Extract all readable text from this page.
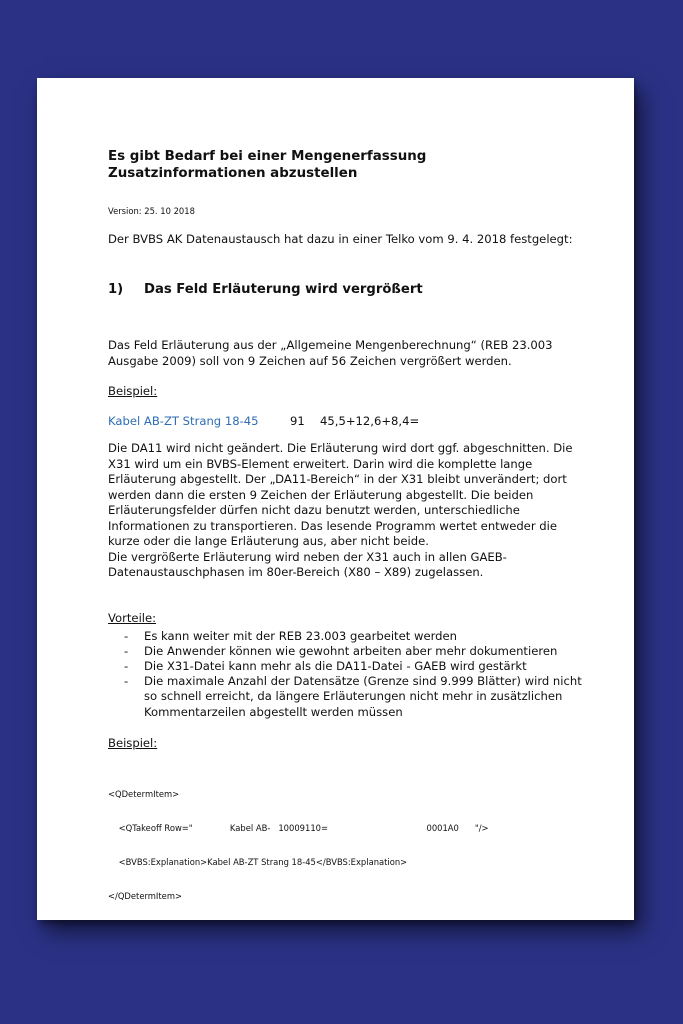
Es gibt Bedarf bei einer Mengenerfassung Zusatzinformationen abzustellen
Version: 25. 10 2018
Der BVBS AK Datenaustausch hat dazu in einer Telko vom 9. 4. 2018 festgelegt:
1)	Das Feld Erläuterung wird vergrößert

Das Feld Erläuterung aus der „Allgemeine Mengenberechnung“ (REB 23.003 Ausgabe 2009) soll von 9 Zeichen auf 56 Zeichen vergrößert werden.

Beispiel:
Kabel AB-ZT Strang 18-45	91	45,5+12,6+8,4=

Die DA11 wird nicht geändert. Die Erläuterung wird dort ggf. abgeschnitten. Die X31 wird um ein BVBS-Element erweitert. Darin wird die komplette lange Erläuterung abgestellt. Der „DA11-Bereich“ in der X31 bleibt unverändert; dort werden dann die ersten 9 Zeichen der Erläuterung abgestellt. Die beiden Erläuterungsfelder dürfen nicht dazu benutzt werden, unterschiedliche Informationen zu transportieren. Das lesende Programm wertet entweder die kurze oder die lange Erläuterung aus, aber nicht beide.

Die vergrößerte Erläuterung wird neben der X31 auch in allen GAEB-Datenaustauschphasen im 80er-Bereich (X80 – X89) zugelassen.

Vorteile:
- Es kann weiter mit der REB 23.003 gearbeitet werden
- Die Anwender können wie gewohnt arbeiten aber mehr dokumentieren
- Die X31-Datei kann mehr als die DA11-Datei - GAEB wird gestärkt
- Die maximale Anzahl der Datensätze (Grenze sind 9.999 Blätter) wird nicht so schnell erreicht, da längere Erläuterungen nicht mehr in zusätzlichen Kommentarzeilen abgestellt werden müssen
Beispiel:

<QDetermItem>

<QTakeoff Row="              Kabel AB-   10009110=                                     0001A0      "/>

<BVBS:Explanation>Kabel AB-ZT Strang 18-45</BVBS:Explanation>

</QDetermItem>
